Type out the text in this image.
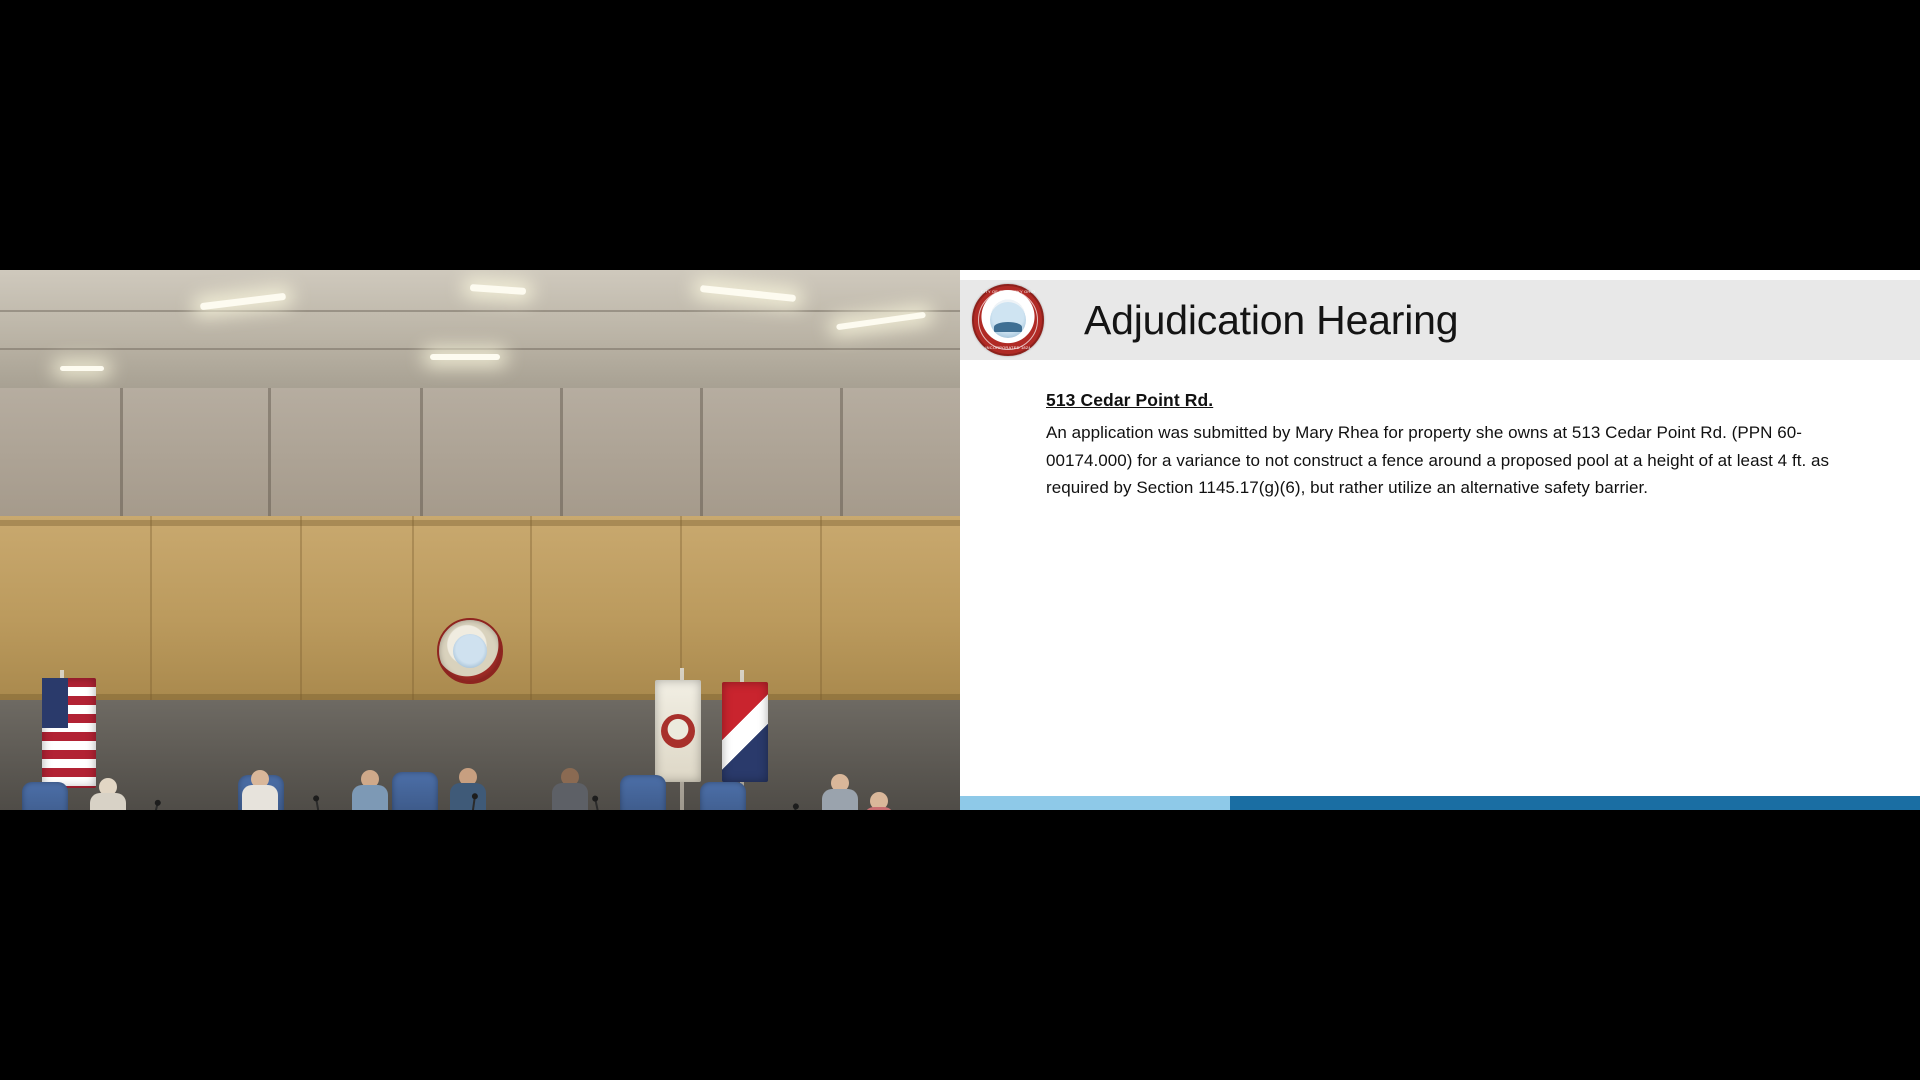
CITY OF SANDUSKY OHIO
INCORPORATED 1824
Adjudication Hearing
513 Cedar Point Rd.
An application was submitted by Mary Rhea for property she owns at 513 Cedar Point Rd. (PPN 60-00174.000) for a variance to not construct a fence around a proposed pool at a height of at least 4 ft. as required by Section 1145.17(g)(6), but rather utilize an alternative safety barrier.
